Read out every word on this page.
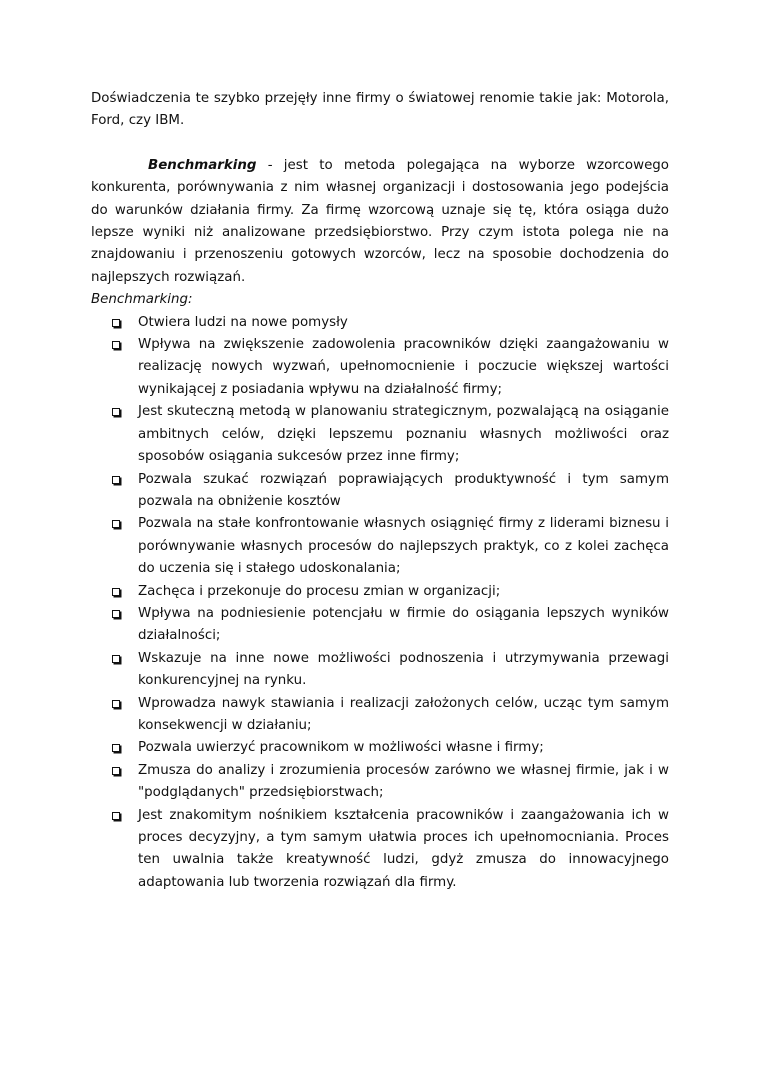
Doświadczenia te szybko przejęły inne firmy o światowej renomie takie jak: Motorola, Ford, czy IBM.

Benchmarking - jest to metoda polegająca na wyborze wzorcowego konkurenta, porównywania z nim własnej organizacji i dostosowania jego podejścia do warunków działania firmy. Za firmę wzorcową uznaje się tę, która osiąga dużo lepsze wyniki niż analizowane przedsiębiorstwo. Przy czym istota polega nie na znajdowaniu i przenoszeniu gotowych wzorców, lecz na sposobie dochodzenia do najlepszych rozwiązań.

Benchmarking:

Otwiera ludzi na nowe pomysły
Wpływa na zwiększenie zadowolenia pracowników dzięki zaangażowaniu w realizację nowych wyzwań, upełnomocnienie i poczucie większej wartości wynikającej z posiadania wpływu na działalność firmy;
Jest skuteczną metodą w planowaniu strategicznym, pozwalającą na osiąganie ambitnych celów, dzięki lepszemu poznaniu własnych możliwości oraz sposobów osiągania sukcesów przez inne firmy;
Pozwala szukać rozwiązań poprawiających produktywność i tym samym pozwala na obniżenie kosztów
Pozwala na stałe konfrontowanie własnych osiągnięć firmy z liderami biznesu i porównywanie własnych procesów do najlepszych praktyk, co z kolei zachęca do uczenia się i stałego udoskonalania;
Zachęca i przekonuje do procesu zmian w organizacji;
Wpływa na podniesienie potencjału w firmie do osiągania lepszych wyników działalności;
Wskazuje na inne nowe możliwości podnoszenia i utrzymywania przewagi konkurencyjnej na rynku.
Wprowadza nawyk stawiania i realizacji założonych celów, ucząc tym samym konsekwencji w działaniu;
Pozwala uwierzyć pracownikom w możliwości własne i firmy;
Zmusza do analizy i zrozumienia procesów zarówno we własnej firmie, jak i w "podglądanych" przedsiębiorstwach;
Jest znakomitym nośnikiem kształcenia pracowników i zaangażowania ich w proces decyzyjny, a tym samym ułatwia proces ich upełnomocniania. Proces ten uwalnia także kreatywność ludzi, gdyż zmusza do innowacyjnego adaptowania lub tworzenia rozwiązań dla firmy.
